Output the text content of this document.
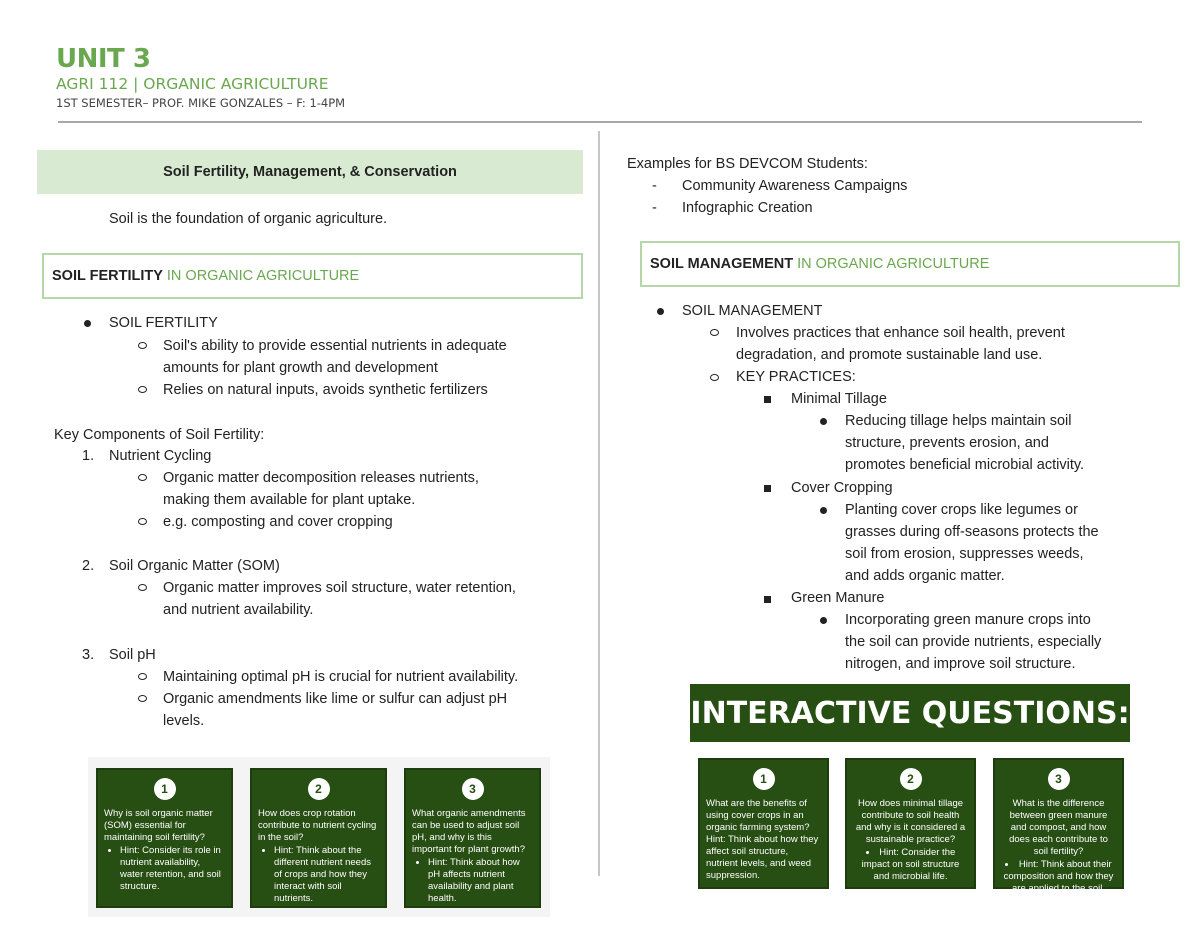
UNIT 3
AGRI 112 | ORGANIC AGRICULTURE
1ST SEMESTER– PROF. MIKE GONZALES – F: 1-4PM
Soil Fertility, Management, & Conservation
Soil is the foundation of organic agriculture.
SOIL FERTILITY IN ORGANIC AGRICULTURE
SOIL FERTILITY
Soil's ability to provide essential nutrients in adequate
amounts for plant growth and development
Relies on natural inputs, avoids synthetic fertilizers
Key Components of Soil Fertility:
1. Nutrient Cycling
Organic matter decomposition releases nutrients,
making them available for plant uptake.
e.g. composting and cover cropping
2. Soil Organic Matter (SOM)
Organic matter improves soil structure, water retention,
and nutrient availability.
3. Soil pH
Maintaining optimal pH is crucial for nutrient availability.
Organic amendments like lime or sulfur can adjust pH
levels.
1

Why is soil organic matter (SOM) essential for maintaining soil fertility?

• Hint: Consider its role in nutrient availability, water retention, and soil structure.
2

How does crop rotation contribute to nutrient cycling in the soil?

• Hint: Think about the different nutrient needs of crops and how they interact with soil nutrients.
3

What organic amendments can be used to adjust soil pH, and why is this important for plant growth?

• Hint: Think about how pH affects nutrient availability and plant health.
Examples for BS DEVCOM Students:
- Community Awareness Campaigns
- Infographic Creation
SOIL MANAGEMENT IN ORGANIC AGRICULTURE
SOIL MANAGEMENT
Involves practices that enhance soil health, prevent
degradation, and promote sustainable land use.
KEY PRACTICES:
Minimal Tillage
Reducing tillage helps maintain soil
structure, prevents erosion, and
promotes beneficial microbial activity.
Cover Cropping
Planting cover crops like legumes or
grasses during off-seasons protects the
soil from erosion, suppresses weeds,
and adds organic matter.
Green Manure
Incorporating green manure crops into
the soil can provide nutrients, especially
nitrogen, and improve soil structure.
INTERACTIVE QUESTIONS:
1

What are the benefits of using cover crops in an organic farming system? Hint: Think about how they affect soil structure, nutrient levels, and weed suppression.

2

How does minimal tillage contribute to soil health and why is it considered a sustainable practice?

• Hint: Consider the impact on soil structure and microbial life.
3

What is the difference between green manure and compost, and how does each contribute to soil fertility?

• Hint: Think about their composition and how they are applied to the soil.
